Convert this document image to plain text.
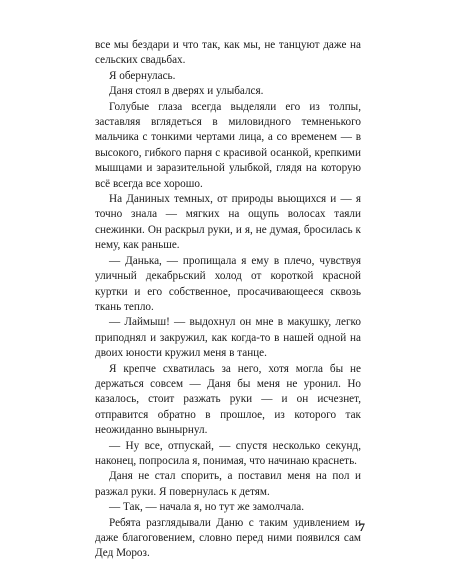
все мы бездари и что так, как мы, не танцуют даже на сельских свадьбах.

Я обернулась.

Даня стоял в дверях и улыбался.

Голубые глаза всегда выделяли его из толпы, заставляя вглядеться в миловидного темненького мальчика с тонкими чертами лица, а со временем — в высокого, гибкого парня с красивой осанкой, крепкими мышцами и заразительной улыбкой, глядя на которую всё всегда все хорошо.

На Даниных темных, от природы вьющихся и — я точно знала — мягких на ощупь волосах таяли снежинки. Он раскрыл руки, и я, не думая, бросилась к нему, как раньше.

— Данька, — пропищала я ему в плечо, чувствуя уличный декабрьский холод от короткой красной куртки и его собственное, просачивающееся сквозь ткань тепло.

— Лаймыш! — выдохнул он мне в макушку, легко приподнял и закружил, как когда-то в нашей одной на двоих юности кружил меня в танце.

Я крепче схватилась за него, хотя могла бы не держаться совсем — Даня бы меня не уронил. Но казалось, стоит разжать руки — и он исчезнет, отправится обратно в прошлое, из которого так неожиданно вынырнул.

— Ну все, отпускай, — спустя несколько секунд, наконец, попросила я, понимая, что начинаю краснеть.

Даня не стал спорить, а поставил меня на пол и разжал руки. Я повернулась к детям.

— Так, — начала я, но тут же замолчала.

Ребята разглядывали Даню с таким удивлением и даже благоговением, словно перед ними появился сам Дед Мороз.

7
